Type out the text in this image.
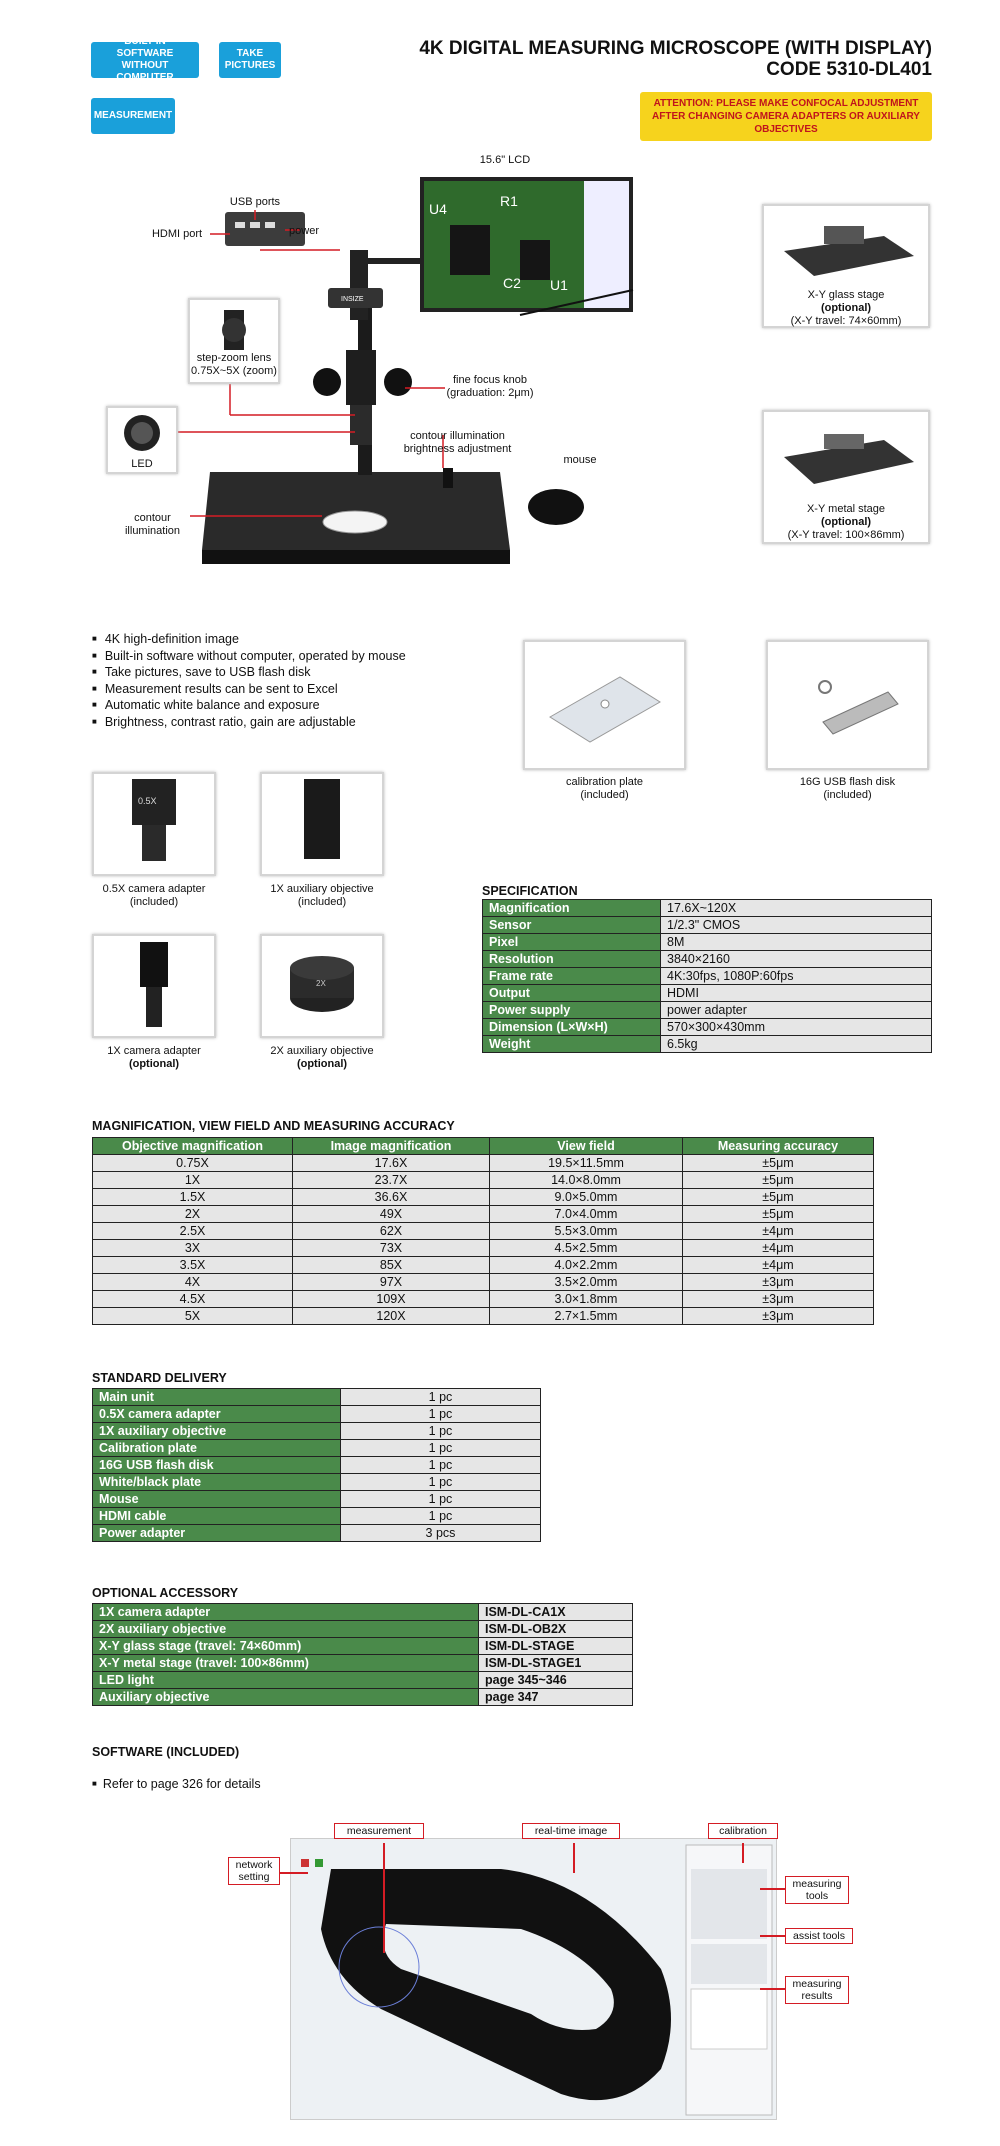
BUILT-IN SOFTWARE WITHOUT COMPUTER
TAKE PICTURES
MEASUREMENT
4K DIGITAL MEASURING MICROSCOPE (WITH DISPLAY)
CODE 5310-DL401
ATTENTION: PLEASE MAKE CONFOCAL ADJUSTMENT AFTER CHANGING CAMERA ADAPTERS OR AUXILIARY OBJECTIVES
U4	R1
C2 U1
INSIZE
15.6" LCD
USB ports
HDMI port	power
step-zoom lens 0.75X~5X (zoom)
LED
fine focus knob (graduation: 2μm)
contour illumination brightness adjustment
mouse
contour illumination
X-Y glass stage
(optional)
(X-Y travel: 74×60mm)
X-Y metal stage
(optional)
(X-Y travel: 100×86mm)
■ 4K high-definition image
■ Built-in software without computer, operated by mouse
■ Take pictures, save to USB flash disk
■ Measurement results can be sent to Excel
■ Automatic white balance and exposure
■ Brightness, contrast ratio, gain are adjustable
calibration plate
(included)
16G USB flash disk
(included)
0.5X
0.5X camera adapter
(included)
1X auxiliary objective
(included)
1X camera adapter
(optional)
2X
2X auxiliary objective
(optional)
SPECIFICATION
Magnification	17.6X~120X
Sensor	1/2.3" CMOS
Pixel	8M
Resolution	3840×2160
Frame rate	4K:30fps, 1080P:60fps
Output	HDMI
Power supply	power adapter
Dimension (L×W×H)	570×300×430mm
Weight	6.5kg
MAGNIFICATION, VIEW FIELD AND MEASURING ACCURACY
Objective magnification	Image magnification	View field	Measuring accuracy
0.75X	17.6X	19.5×11.5mm	±5μm
1X	23.7X	14.0×8.0mm	±5μm
1.5X	36.6X	9.0×5.0mm	±5μm
2X	49X	7.0×4.0mm	±5μm
2.5X	62X	5.5×3.0mm	±4μm
3X	73X	4.5×2.5mm	±4μm
3.5X	85X	4.0×2.2mm	±4μm
4X	97X	3.5×2.0mm	±3μm
4.5X	109X	3.0×1.8mm	±3μm
5X	120X	2.7×1.5mm	±3μm
STANDARD DELIVERY
Main unit	1 pc
0.5X camera adapter	1 pc
1X auxiliary objective	1 pc
Calibration plate	1 pc
16G USB flash disk	1 pc
White/black plate	1 pc
Mouse	1 pc
HDMI cable	1 pc
Power adapter	3 pcs
OPTIONAL ACCESSORY
1X camera adapter	ISM-DL-CA1X
2X auxiliary objective	ISM-DL-OB2X
X-Y glass stage (travel: 74×60mm)	ISM-DL-STAGE
X-Y metal stage (travel: 100×86mm)	ISM-DL-STAGE1
LED light	page 345~346
Auxiliary objective	page 347
SOFTWARE (INCLUDED)
■ Refer to page 326 for details
measurement	real-time image	calibration
network setting
measuring tools
assist tools
measuring results
